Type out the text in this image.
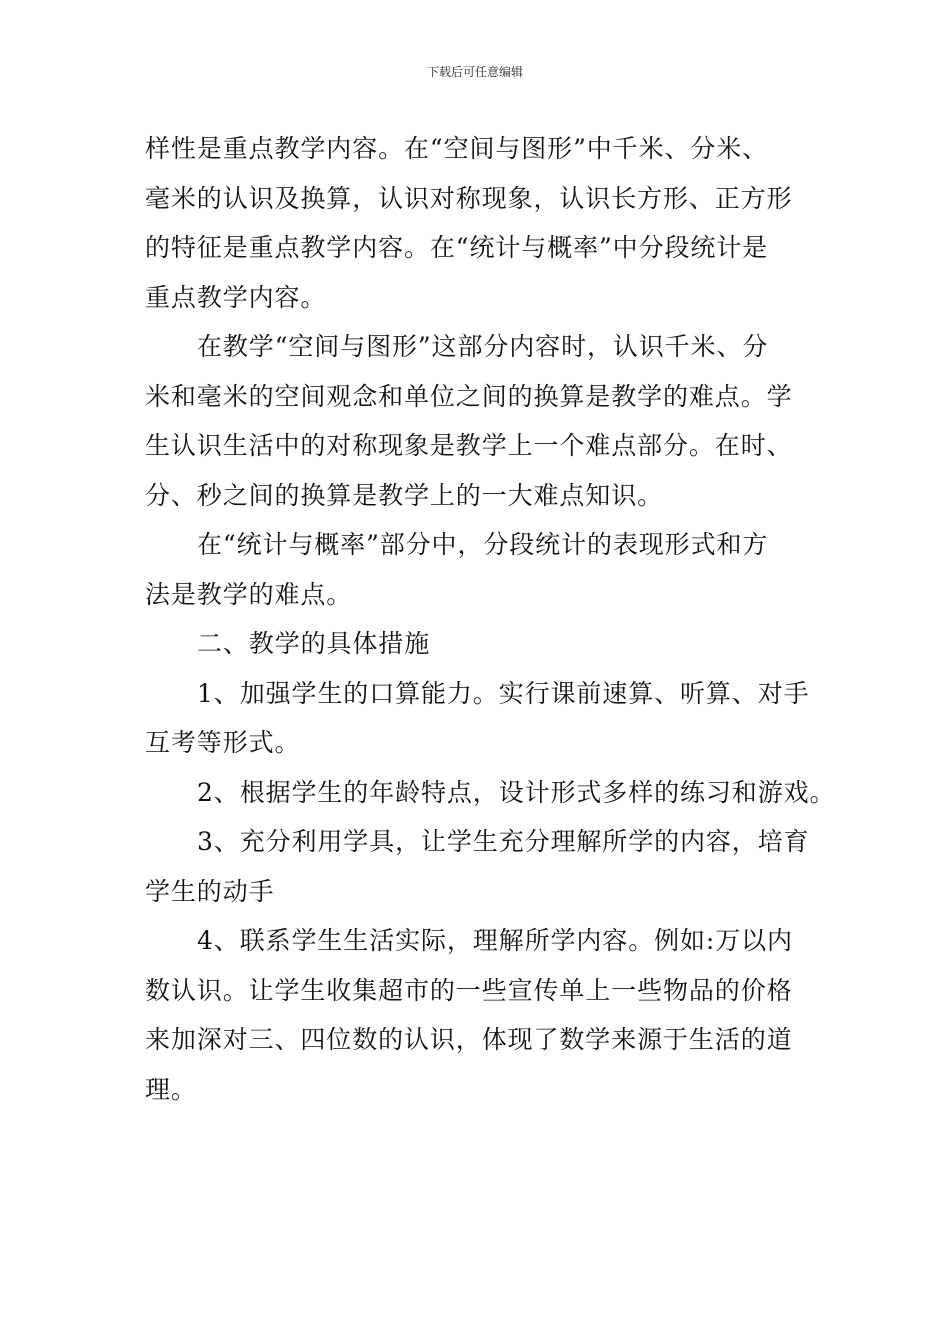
下载后可任意编辑
样性是重点教学内容。在“空间与图形”中千米、分米、
毫米的认识及换算，认识对称现象，认识长方形、正方形
的特征是重点教学内容。在“统计与概率”中分段统计是
重点教学内容。
在教学“空间与图形”这部分内容时，认识千米、分
米和毫米的空间观念和单位之间的换算是教学的难点。学
生认识生活中的对称现象是教学上一个难点部分。在时、
分、秒之间的换算是教学上的一大难点知识。
在“统计与概率”部分中，分段统计的表现形式和方
法是教学的难点。
二、教学的具体措施
1、加强学生的口算能力。实行课前速算、听算、对手
互考等形式。
2、根据学生的年龄特点，设计形式多样的练习和游戏。
3、充分利用学具，让学生充分理解所学的内容，培育
学生的动手
4、联系学生生活实际，理解所学内容。例如:万以内
数认识。让学生收集超市的一些宣传单上一些物品的价格
来加深对三、四位数的认识，体现了数学来源于生活的道
理。
